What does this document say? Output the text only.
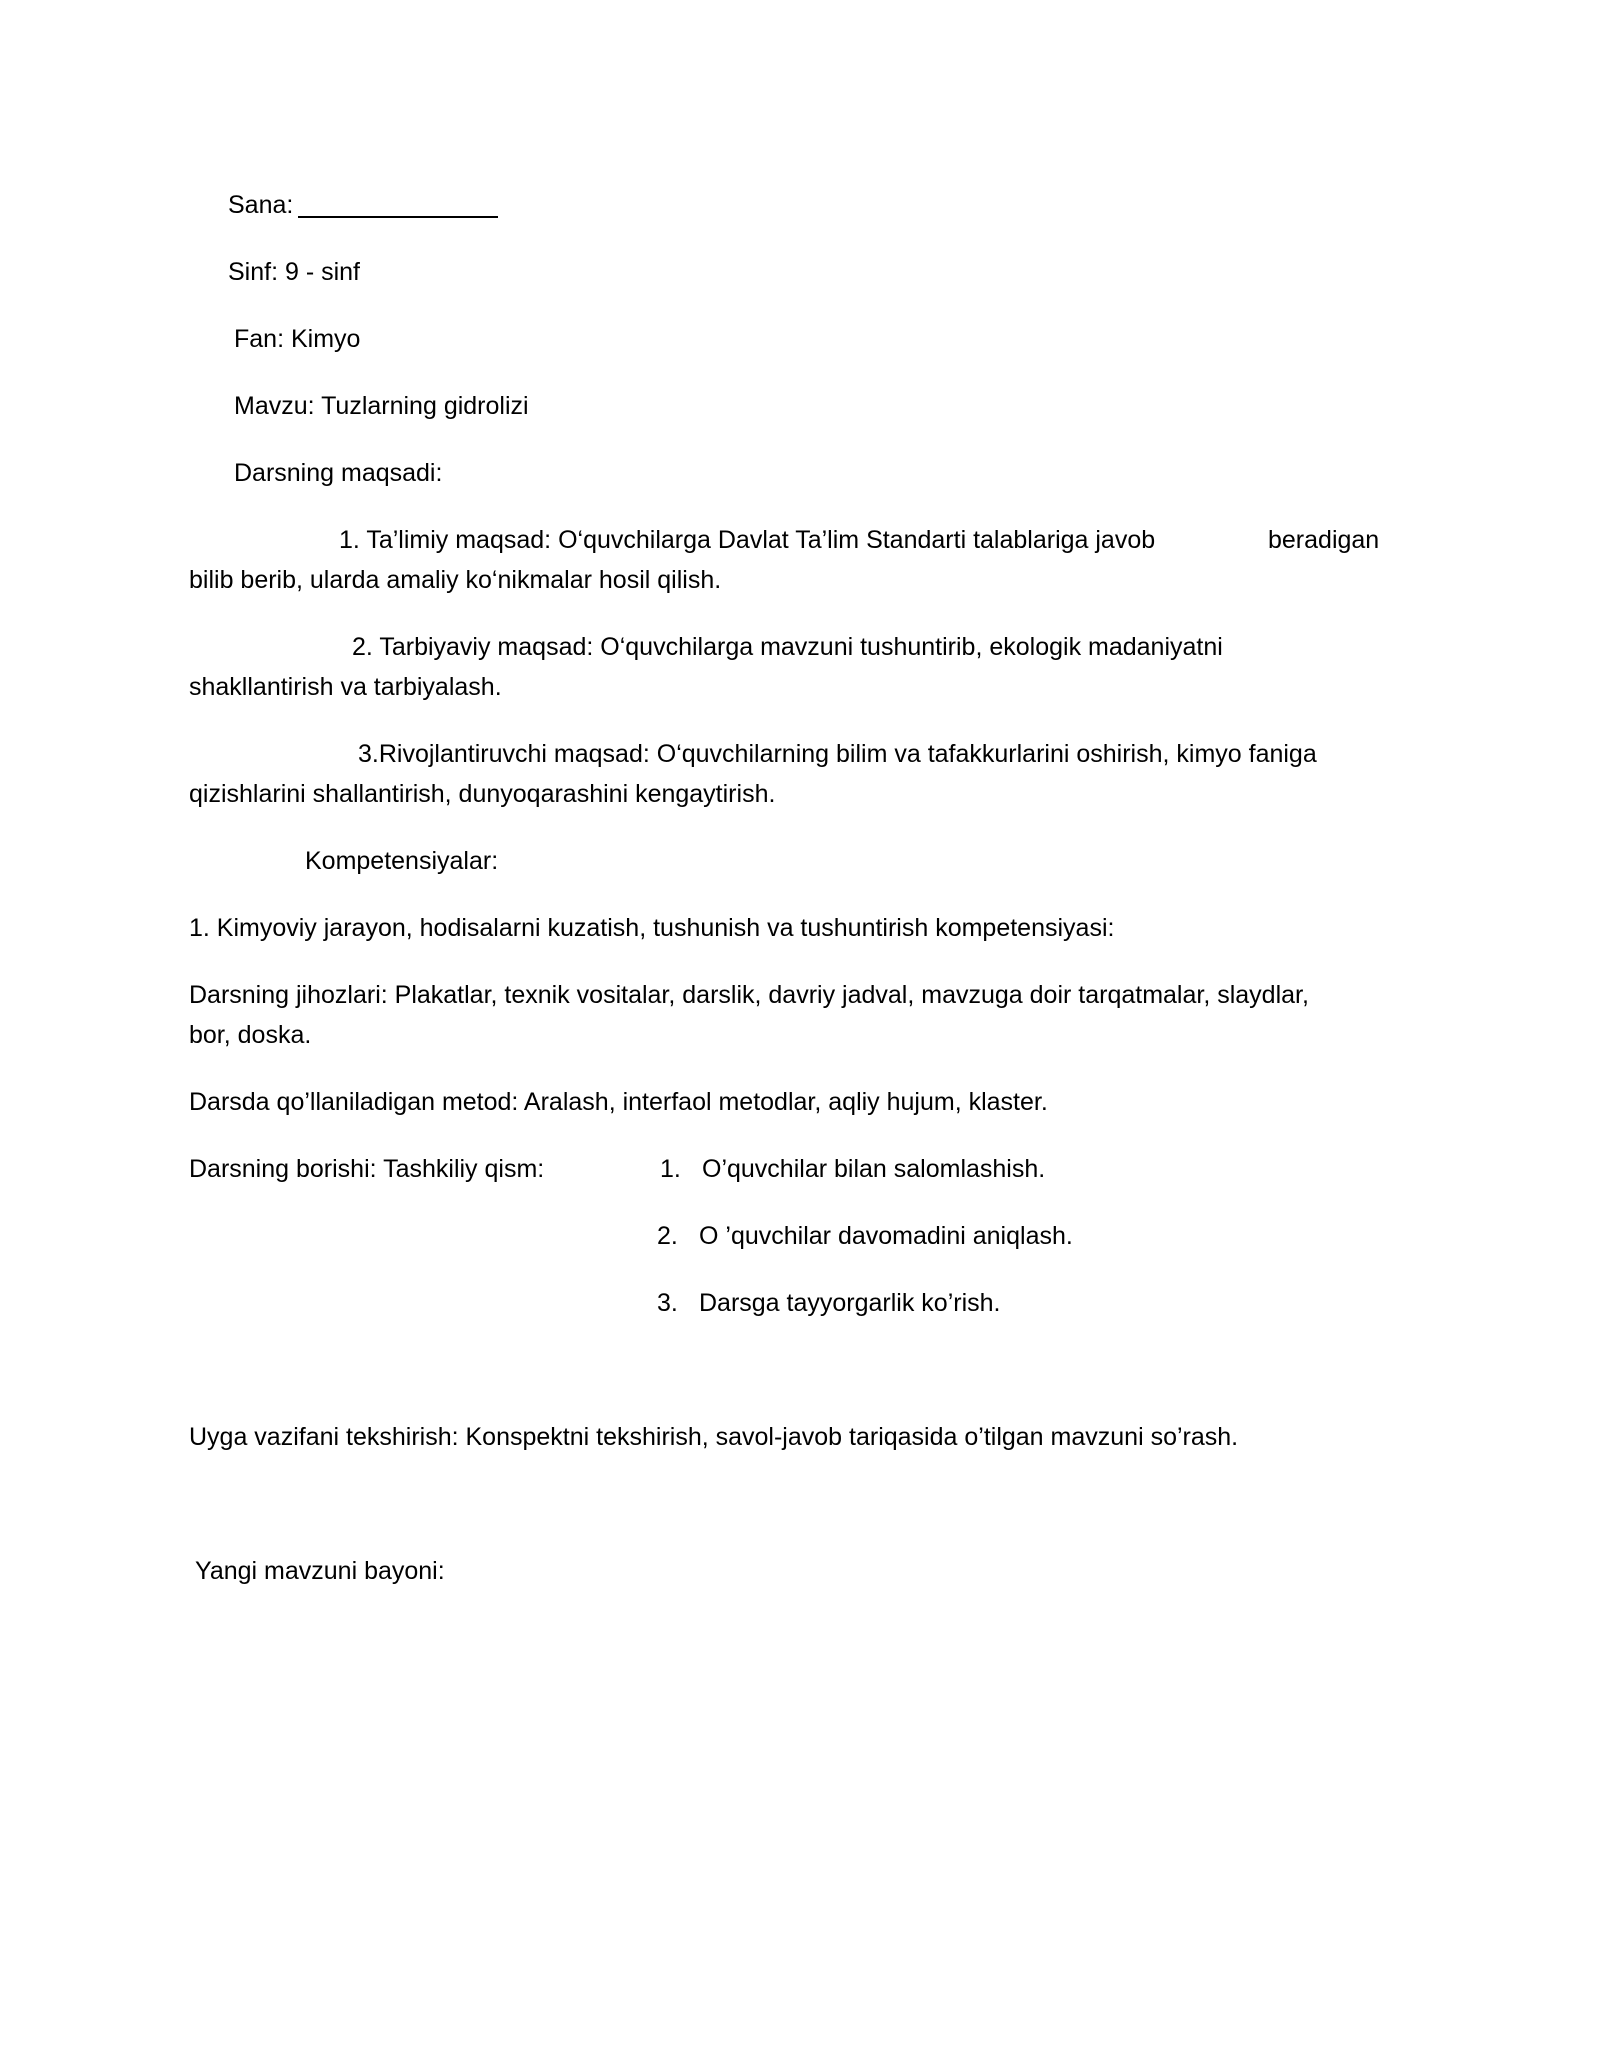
Sana:
Sinf: 9 - sinf
Fan: Kimyo
Mavzu: Tuzlarning gidrolizi
Darsning maqsadi:
1. Ta’limiy maqsad: O‘quvchilarga Davlat Ta’lim Standarti talablariga javob	beradigan
bilib berib, ularda amaliy ko‘nikmalar hosil qilish.
2. Tarbiyaviy maqsad: O‘quvchilarga mavzuni tushuntirib, ekologik madaniyatni
shakllantirish va tarbiyalash.
3.Rivojlantiruvchi maqsad: O‘quvchilarning bilim va tafakkurlarini oshirish, kimyo faniga
qizishlarini shallantirish, dunyoqarashini kengaytirish.
Kompetensiyalar:
1. Kimyoviy jarayon, hodisalarni kuzatish, tushunish va tushuntirish kompetensiyasi:
Darsning jihozlari: Plakatlar, texnik vositalar, darslik, davriy jadval, mavzuga doir tarqatmalar, slaydlar,
bor, doska.
Darsda qo’llaniladigan metod: Aralash, interfaol metodlar, aqliy hujum, klaster.
Darsning borishi: Tashkiliy qism:	1. O’quvchilar bilan salomlashish.
2. O ’quvchilar davomadini aniqlash.
3. Darsga tayyorgarlik ko’rish.
Uyga vazifani tekshirish: Konspektni tekshirish, savol-javob tariqasida o’tilgan mavzuni so’rash.
Yangi mavzuni bayoni:
